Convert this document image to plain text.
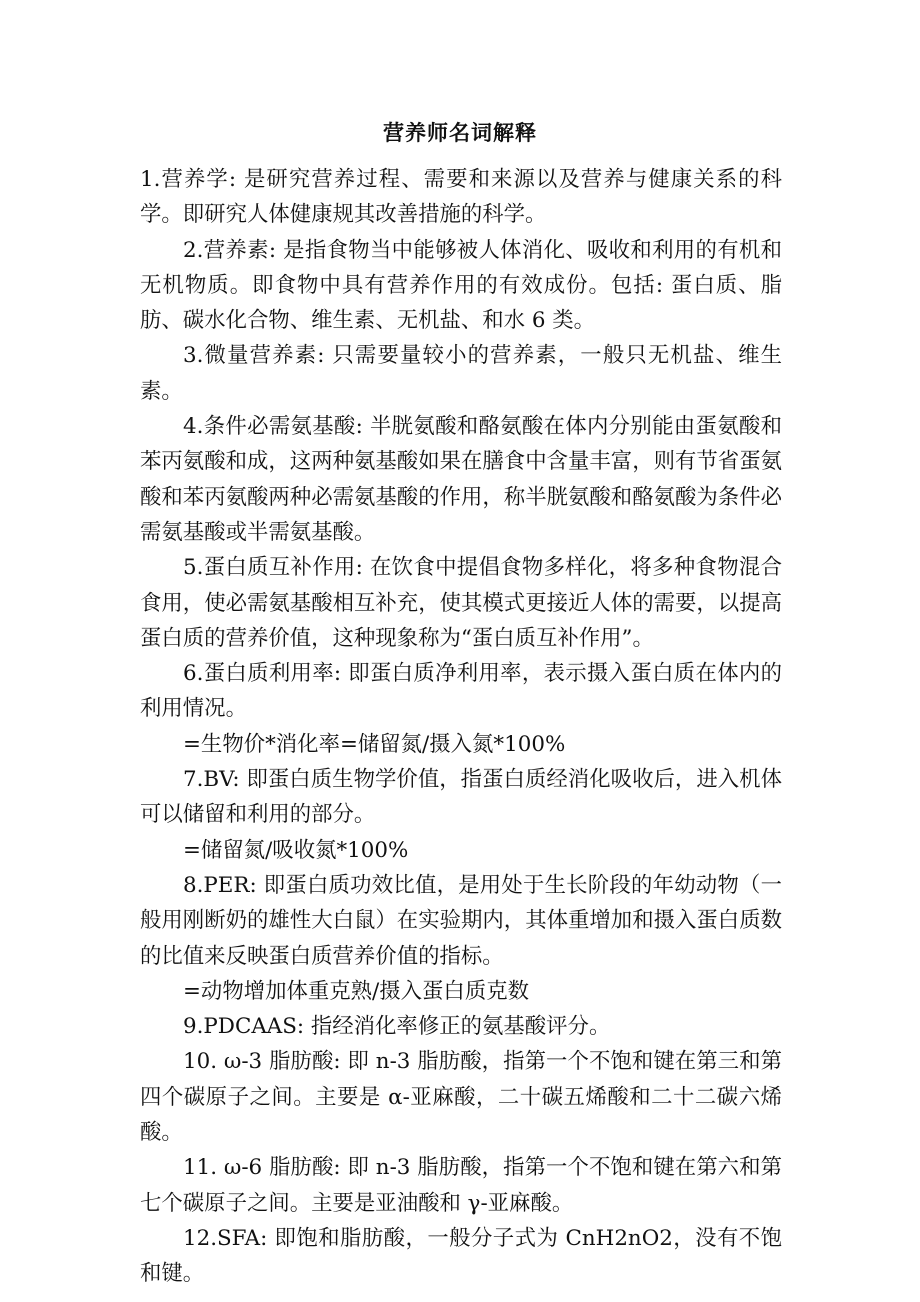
营养师名词解释

1.营养学: 是研究营养过程、需要和来源以及营养与健康关系的科学。即研究人体健康规其改善措施的科学。

2.营养素: 是指食物当中能够被人体消化、吸收和利用的有机和无机物质。即食物中具有营养作用的有效成份。包括: 蛋白质、脂肪、碳水化合物、维生素、无机盐、和水 6 类。

3.微量营养素: 只需要量较小的营养素，一般只无机盐、维生素。

4.条件必需氨基酸: 半胱氨酸和酪氨酸在体内分别能由蛋氨酸和苯丙氨酸和成，这两种氨基酸如果在膳食中含量丰富，则有节省蛋氨酸和苯丙氨酸两种必需氨基酸的作用，称半胱氨酸和酪氨酸为条件必需氨基酸或半需氨基酸。

5.蛋白质互补作用: 在饮食中提倡食物多样化，将多种食物混合食用，使必需氨基酸相互补充，使其模式更接近人体的需要，以提高蛋白质的营养价值，这种现象称为“蛋白质互补作用”。

6.蛋白质利用率: 即蛋白质净利用率，表示摄入蛋白质在体内的利用情况。

=生物价*消化率=储留氮/摄入氮*100%

7.BV: 即蛋白质生物学价值，指蛋白质经消化吸收后，进入机体可以储留和利用的部分。

=储留氮/吸收氮*100%

8.PER: 即蛋白质功效比值，是用处于生长阶段的年幼动物（一般用刚断奶的雄性大白鼠）在实验期内，其体重增加和摄入蛋白质数的比值来反映蛋白质营养价值的指标。

=动物增加体重克熟/摄入蛋白质克数

9.PDCAAS: 指经消化率修正的氨基酸评分。

10. ω-3 脂肪酸: 即 n-3 脂肪酸，指第一个不饱和键在第三和第四个碳原子之间。主要是 α-亚麻酸，二十碳五烯酸和二十二碳六烯酸。

11. ω-6 脂肪酸: 即 n-3 脂肪酸，指第一个不饱和键在第六和第七个碳原子之间。主要是亚油酸和 γ-亚麻酸。

12.SFA: 即饱和脂肪酸，一般分子式为 CnH2nO2，没有不饱和键。
